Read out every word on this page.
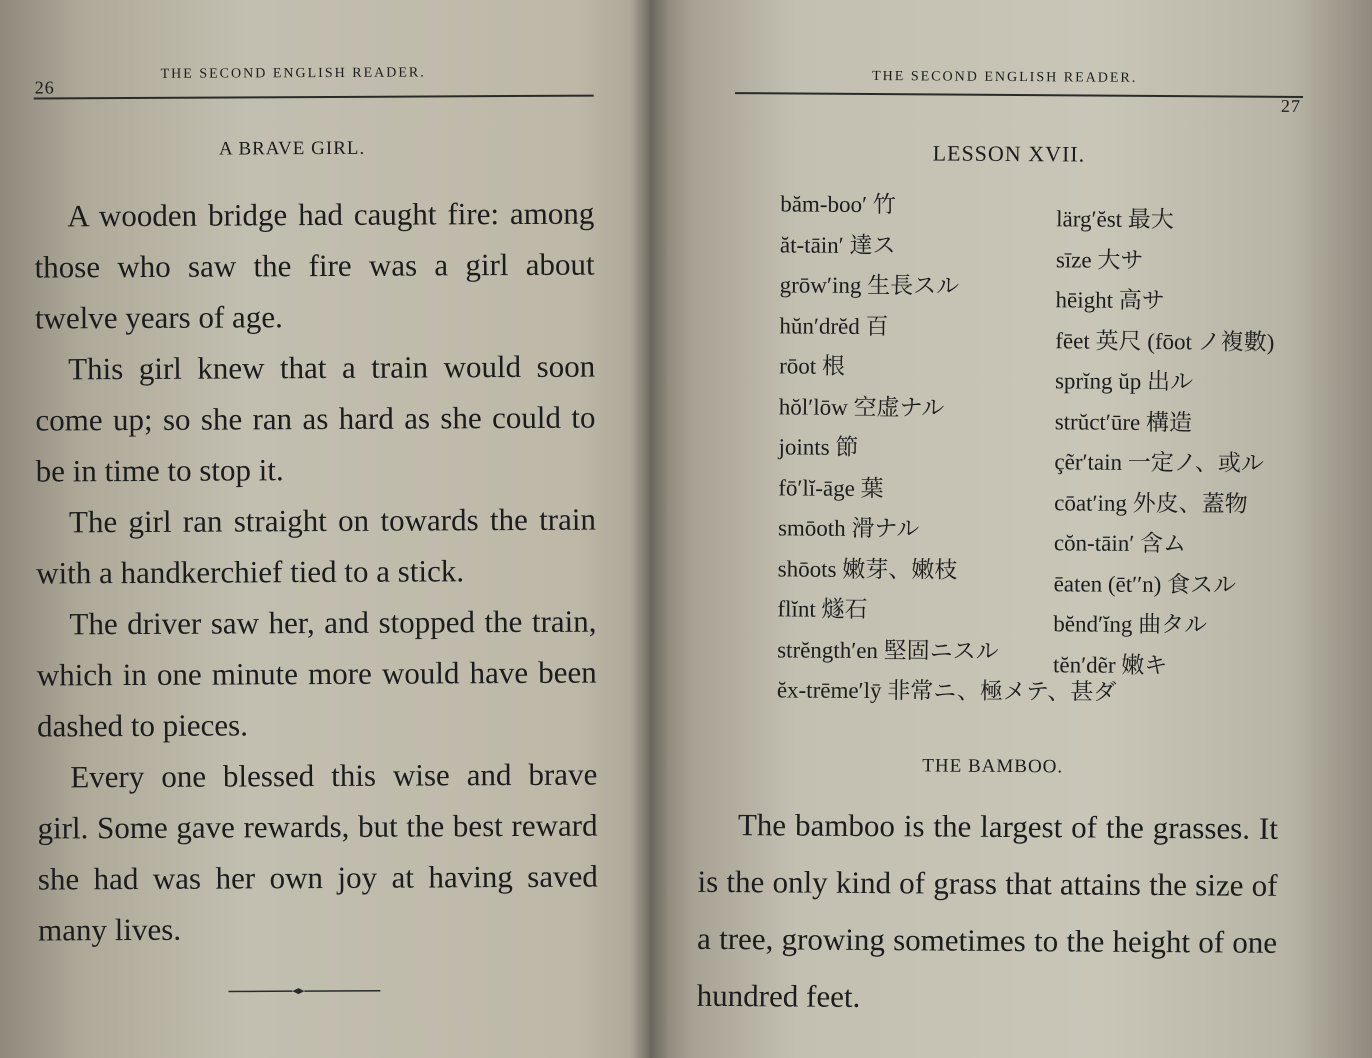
26
THE SECOND ENGLISH READER.
A BRAVE GIRL.
A wooden bridge had caught fire: among those who saw the fire was a girl about twelve years of age.
This girl knew that a train would soon come up; so she ran as hard as she could to be in time to stop it.
The girl ran straight on towards the train with a handkerchief tied to a stick.
The driver saw her, and stopped the train, which in one minute more would have been dashed to pieces.
Every one blessed this wise and brave girl. Some gave rewards, but the best reward she had was her own joy at having saved many lives.
THE SECOND ENGLISH READER.
27
LESSON XVII.
băm-boo′ 竹
ăt-tāin′ 達ス
grōw′ing 生長スル
hŭn′drĕd 百
rōot 根
hŏl′lōw 空虚ナル
joints 節
fō′lĭ-āge 葉
smōoth 滑ナル
shōots 嫩芽、嫩枝
flĭnt 燧石
strĕngth′en 堅固ニスル
ĕx-trēme′lȳ 非常ニ、極メテ、甚ダ
lärg′ĕst 最大
sīze 大サ
hēight 高サ
fēet 英尺 (fōot ノ複數)
sprĭng ŭp 出ル
strŭct′ūre 構造
çẽr′tain 一定ノ、或ル
cōat′ing 外皮、蓋物
cŏn-tāin′ 含ム
ēaten (ēt′′n) 食スル
bĕnd′ĭng 曲タル
tĕn′dẽr 嫩キ
THE BAMBOO.
The bamboo is the largest of the grasses. It is the only kind of grass that attains the size of a tree, growing sometimes to the height of one hundred feet.
